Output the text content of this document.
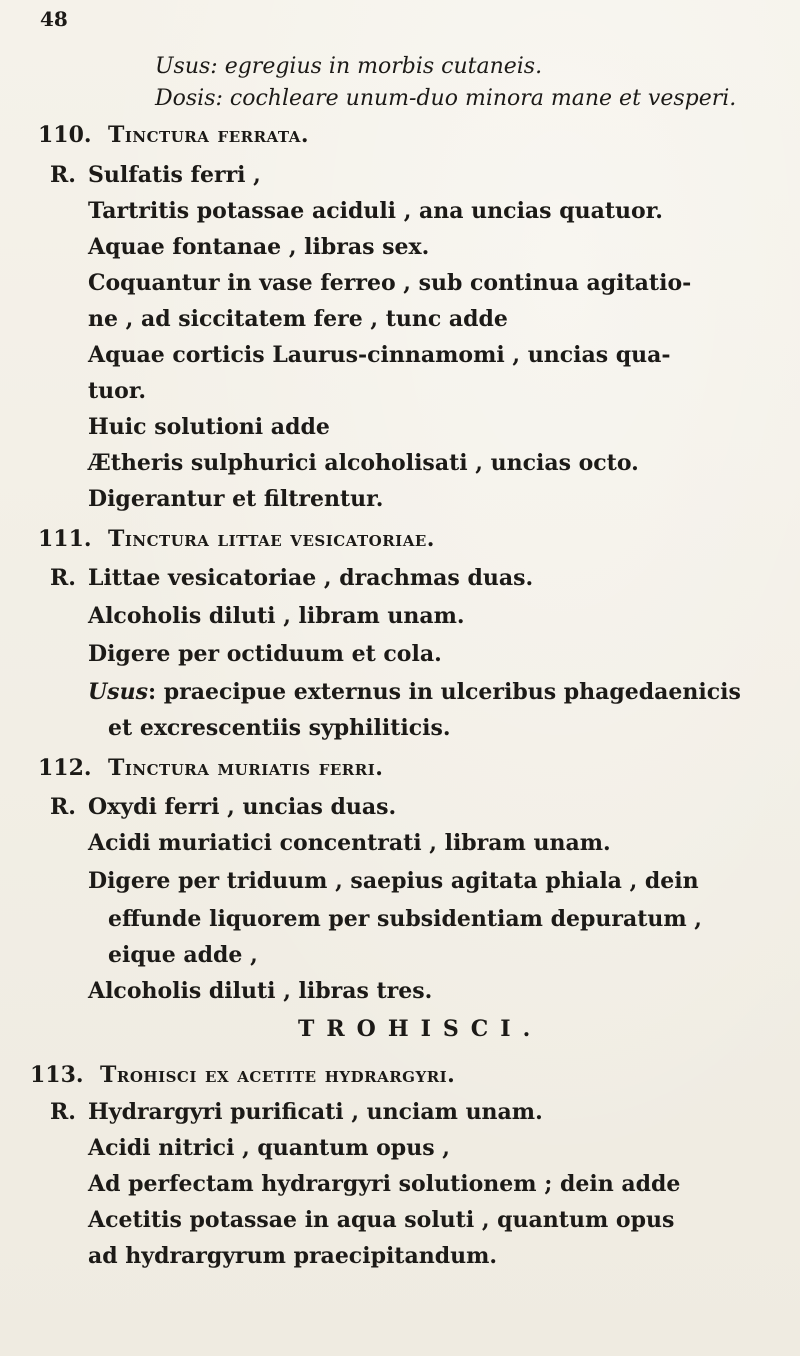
48
Usus: egregius in morbis cutaneis.
Dosis: cochleare unum-duo minora mane et vesperi.
110. Tinctura ferrata.
R. Sulfatis ferri ,
Tartritis potassae aciduli , ana uncias quatuor.
Aquae fontanae , libras sex.
Coquantur in vase ferreo , sub continua agitatio-
ne , ad siccitatem fere , tunc adde
Aquae corticis Laurus-cinnamomi , uncias qua-
tuor.
Huic solutioni adde
Ætheris sulphurici alcoholisati , uncias octo.
Digerantur et filtrentur.
111. Tinctura littae vesicatoriae.
R. Littae vesicatoriae , drachmas duas.
Alcoholis diluti , libram unam.
Digere per octiduum et cola.
Usus: praecipue externus in ulceribus phagedaenicis
et excrescentiis syphiliticis.
112. Tinctura muriatis ferri.
R. Oxydi ferri , uncias duas.
Acidi muriatici concentrati , libram unam.
Digere per triduum , saepius agitata phiala , dein
effunde liquorem per subsidentiam depuratum ,
eique adde ,
Alcoholis diluti , libras tres.
TROHISCI.
113. Trohisci ex acetite hydrargyri.
R. Hydrargyri purificati , unciam unam.
Acidi nitrici , quantum opus ,
Ad perfectam hydrargyri solutionem ; dein adde
Acetitis potassae in aqua soluti , quantum opus
ad hydrargyrum praecipitandum.
